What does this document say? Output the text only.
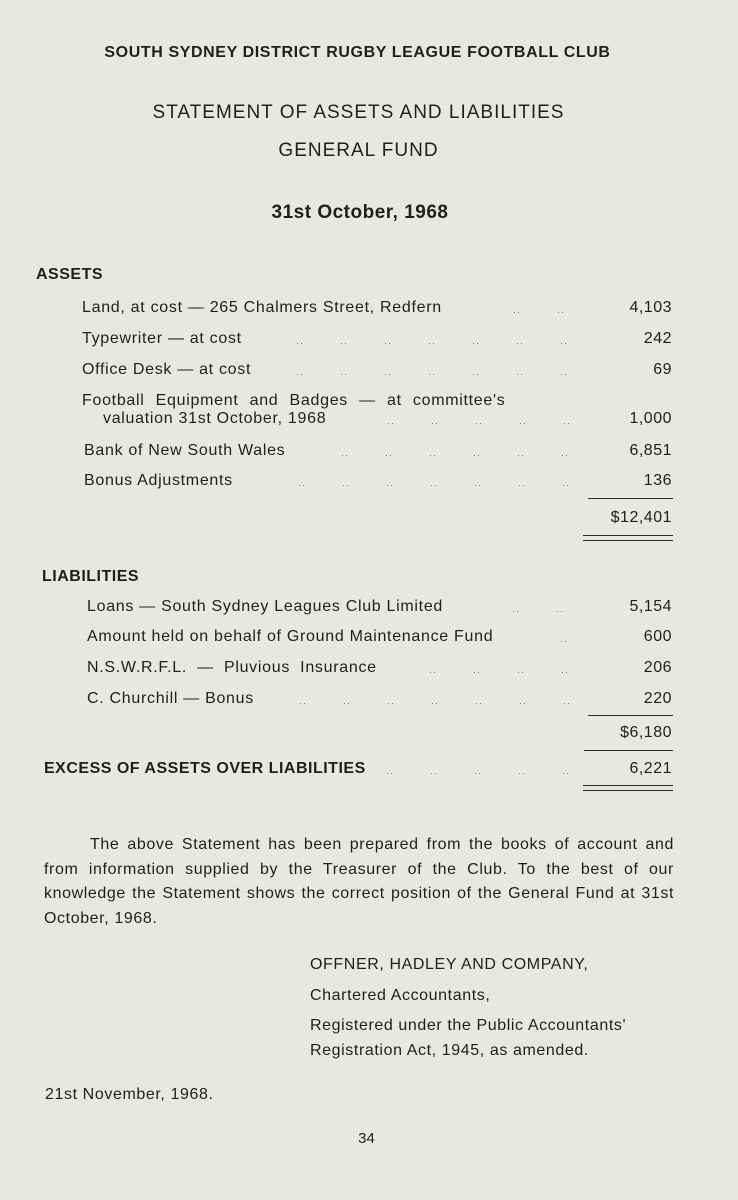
SOUTH SYDNEY DISTRICT RUGBY LEAGUE FOOTBALL CLUB
STATEMENT OF ASSETS AND LIABILITIES
GENERAL FUND
31st October, 1968
ASSETS
Land, at cost — 265 Chalmers Street, Redfern	4,103
Typewriter — at cost	242
Office Desk — at cost	69
Football Equipment and Badges — at committee's
valuation 31st October, 1968	1,000
Bank of New South Wales	6,851
Bonus Adjustments	136
$12,401
LIABILITIES
Loans — South Sydney Leagues Club Limited	5,154
Amount held on behalf of Ground Maintenance Fund	600
N.S.W.R.F.L. — Pluvious Insurance	206
C. Churchill — Bonus	220
$6,180
EXCESS OF ASSETS OVER LIABILITIES	6,221
The above Statement has been prepared from the books of account and from information supplied by the Treasurer of the Club. To the best of our knowledge the Statement shows the correct position of the General Fund at 31st October, 1968.
OFFNER, HADLEY AND COMPANY,
Chartered Accountants,
Registered under the Public Accountants'
Registration Act, 1945, as amended.
21st November, 1968.
34
